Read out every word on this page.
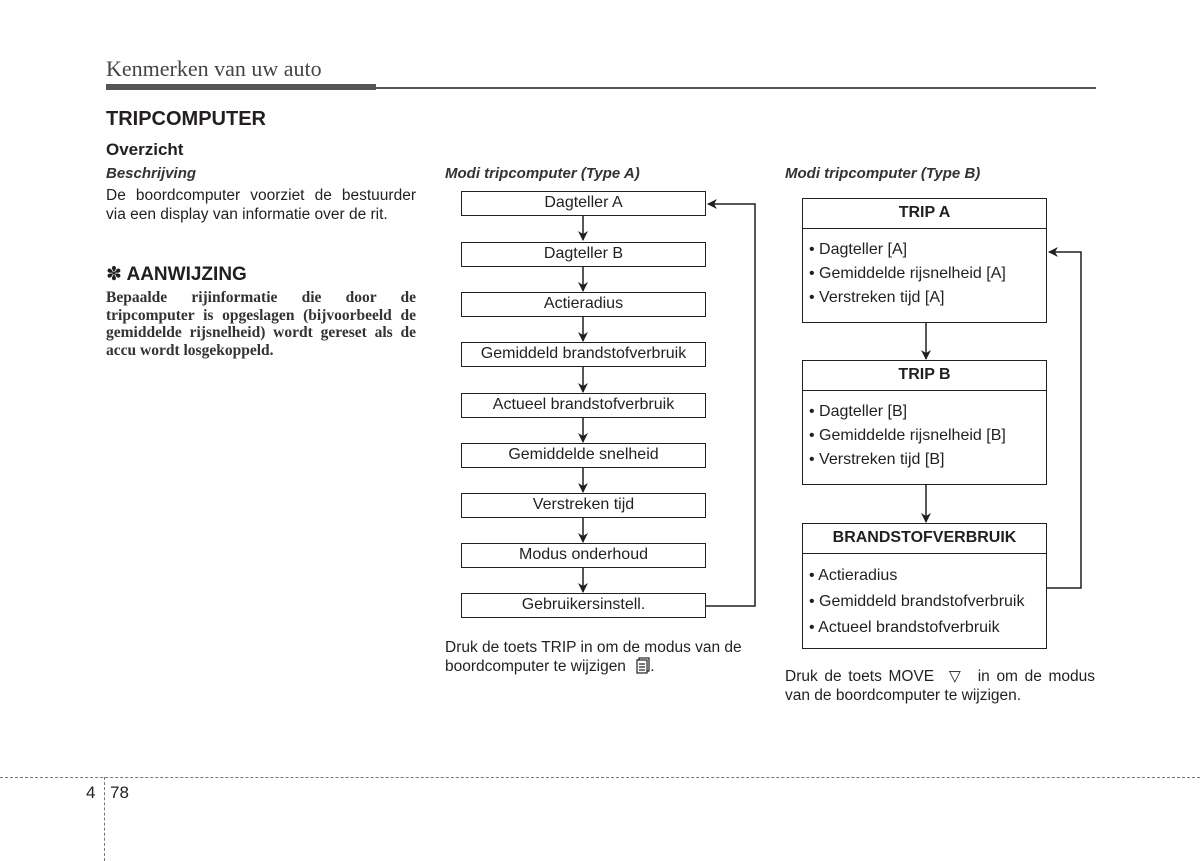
Kenmerken van uw auto
TRIPCOMPUTER
Overzicht
Beschrijving
De boordcomputer voorziet de bestuurder via een display van informatie over de rit.
✽ AANWIJZING
Bepaalde rijinformatie die door de tripcomputer is opgeslagen (bijvoorbeeld de gemiddelde rijsnelheid) wordt gereset als de accu wordt losgekoppeld.
Modi tripcomputer (Type A)	Modi tripcomputer (Type B)
Dagteller A
Dagteller B
Actieradius
Gemiddeld brandstofverbruik
Actueel brandstofverbruik
Gemiddelde snelheid
Verstreken tijd
Modus onderhoud
Gebruikersinstell.
TRIP A
• Dagteller [A]
• Gemiddelde rijsnelheid [A]
• Verstreken tijd [A]
TRIP B
• Dagteller [B]
• Gemiddelde rijsnelheid [B]
• Verstreken tijd [B]
BRANDSTOFVERBRUIK
• Actieradius
• Gemiddeld brandstofverbruik
• Actueel brandstofverbruik
Druk de toets TRIP in om de modus van de boordcomputer te wijzigen .
Druk de toets MOVE ▽ in om de modus van de boordcomputer te wijzigen.
4 78
